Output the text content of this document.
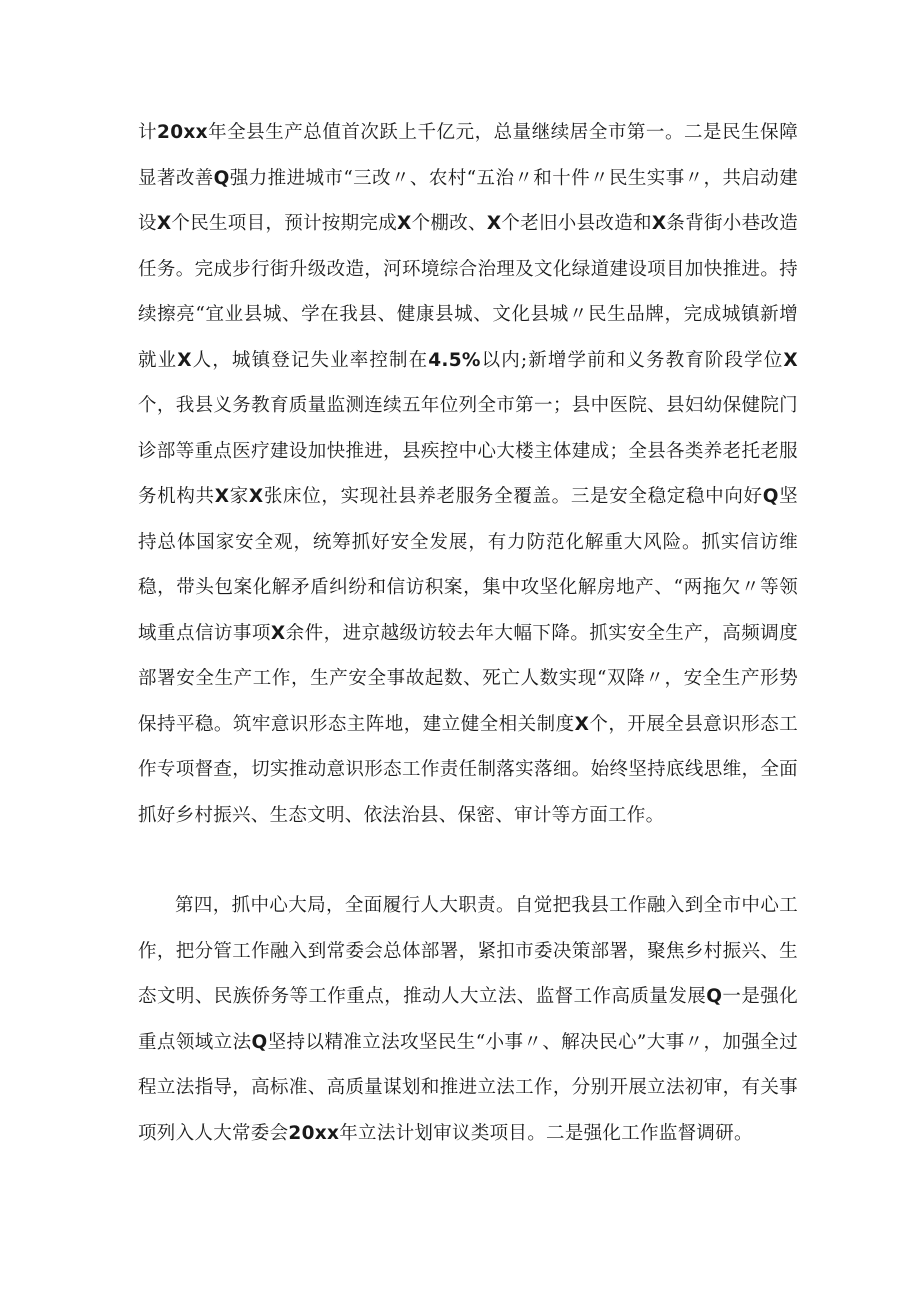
计20xx年全县生产总值首次跃上千亿元，总量继续居全市第一。二是民生保障显著改善Q强力推进城市“三改〃、农村“五治〃和十件〃民生实事〃，共启动建设X个民生项目，预计按期完成X个棚改、X个老旧小县改造和X条背街小巷改造任务。完成步行街升级改造，河环境综合治理及文化绿道建设项目加快推进。持续擦亮“宜业县城、学在我县、健康县城、文化县城〃民生品牌，完成城镇新增就业X人，城镇登记失业率控制在4.5%以内;新增学前和义务教育阶段学位X个，我县义务教育质量监测连续五年位列全市第一；县中医院、县妇幼保健院门诊部等重点医疗建设加快推进，县疾控中心大楼主体建成；全县各类养老托老服务机构共X家X张床位，实现社县养老服务全覆盖。三是安全稳定稳中向好Q坚持总体国家安全观，统筹抓好安全发展，有力防范化解重大风险。抓实信访维稳，带头包案化解矛盾纠纷和信访积案，集中攻坚化解房地产、“两拖欠〃等领域重点信访事项X余件，进京越级访较去年大幅下降。抓实安全生产，高频调度部署安全生产工作，生产安全事故起数、死亡人数实现“双降〃，安全生产形势保持平稳。筑牢意识形态主阵地，建立健全相关制度X个，开展全县意识形态工作专项督查，切实推动意识形态工作责任制落实落细。始终坚持底线思维，全面抓好乡村振兴、生态文明、依法治县、保密、审计等方面工作。

第四，抓中心大局，全面履行人大职责。自觉把我县工作融入到全市中心工作，把分管工作融入到常委会总体部署，紧扣市委决策部署，聚焦乡村振兴、生态文明、民族侨务等工作重点，推动人大立法、监督工作高质量发展Q一是强化重点领域立法Q坚持以精准立法攻坚民生“小事〃、解决民心”大事〃，加强全过程立法指导，高标准、高质量谋划和推进立法工作，分别开展立法初审，有关事项列入人大常委会20xx年立法计划审议类项目。二是强化工作监督调研。
